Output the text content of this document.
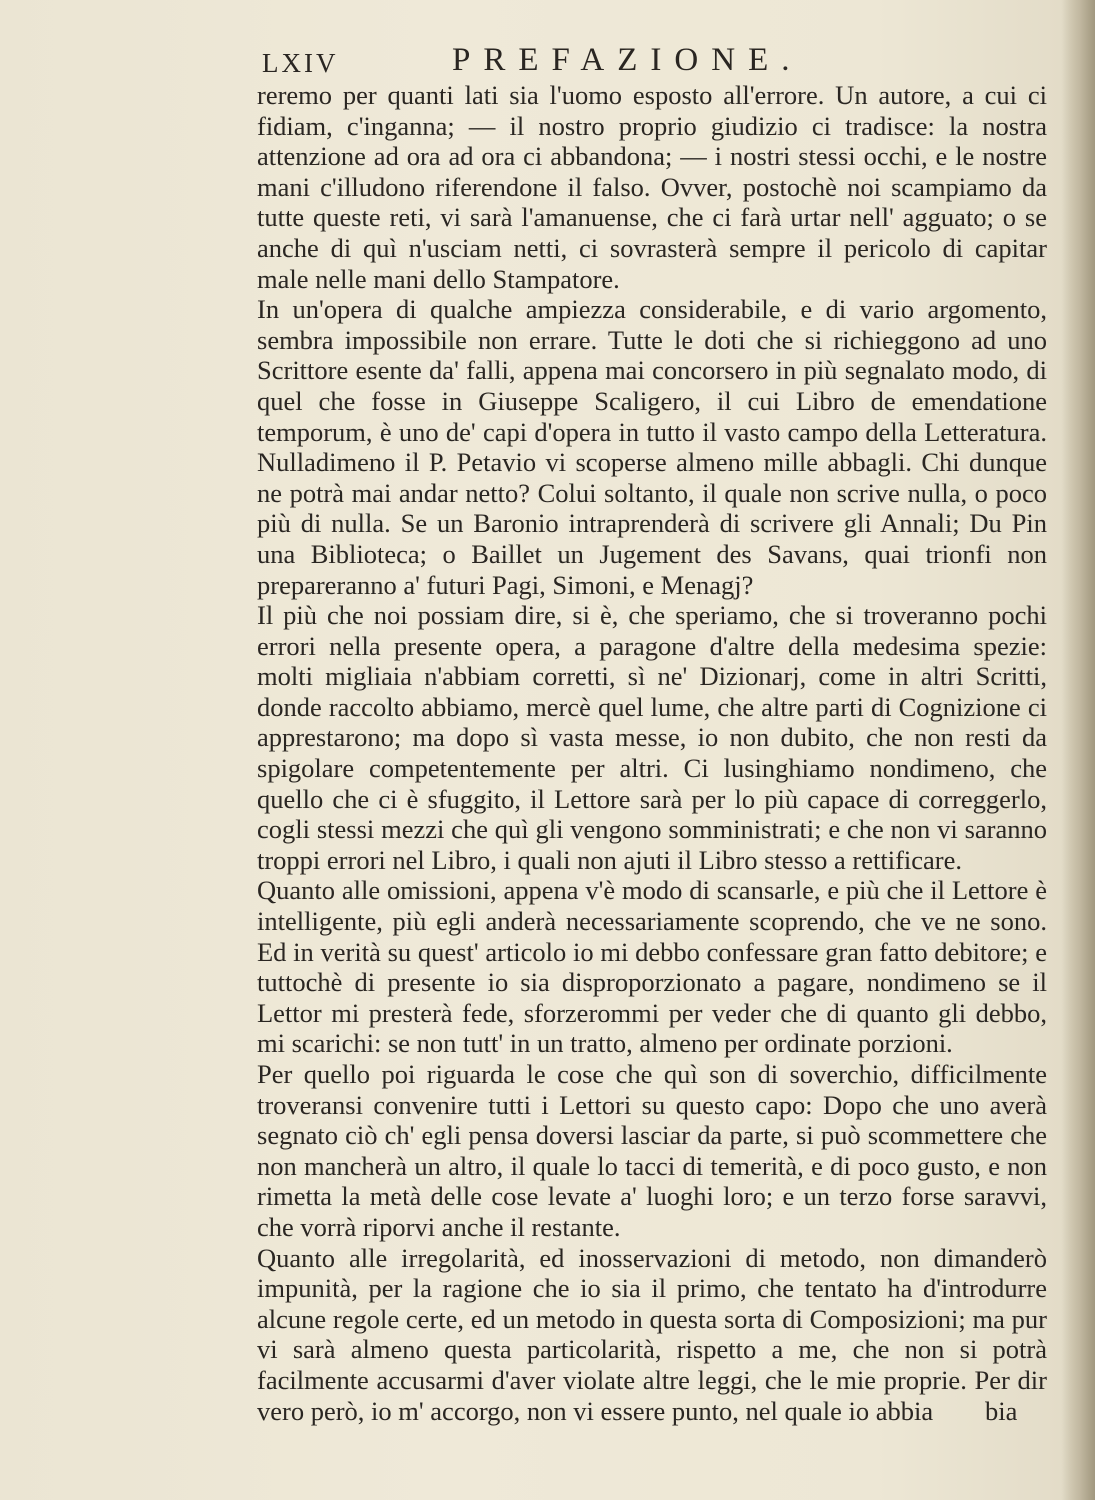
LXIV	PREFAZIONE.

reremo per quanti lati sia l'uomo esposto all'errore. Un autore, a cui ci fidiam, c'inganna; — il nostro proprio giudizio ci tradisce: la nostra attenzione ad ora ad ora ci abbandona; — i nostri stessi occhi, e le nostre mani c'illudono riferendone il falso. Ovver, postochè noi scampiamo da tutte queste reti, vi sarà l'amanuense, che ci farà urtar nell' agguato; o se anche di quì n'usciam netti, ci sovrasterà sempre il pericolo di capitar male nelle mani dello Stampatore.

In un'opera di qualche ampiezza considerabile, e di vario argomento, sembra impossibile non errare. Tutte le doti che si richieggono ad uno Scrittore esente da' falli, appena mai concorsero in più segnalato modo, di quel che fosse in Giuseppe Scaligero, il cui Libro de emendatione temporum, è uno de' capi d'opera in tutto il vasto campo della Letteratura. Nulladimeno il P. Petavio vi scoperse almeno mille abbagli. Chi dunque ne potrà mai andar netto? Colui soltanto, il quale non scrive nulla, o poco più di nulla. Se un Baronio intraprenderà di scrivere gli Annali; Du Pin una Biblioteca; o Baillet un Jugement des Savans, quai trionfi non prepareranno a' futuri Pagi, Simoni, e Menagj?

Il più che noi possiam dire, si è, che speriamo, che si troveranno pochi errori nella presente opera, a paragone d'altre della medesima spezie: molti migliaia n'abbiam corretti, sì ne' Dizionarj, come in altri Scritti, donde raccolto abbiamo, mercè quel lume, che altre parti di Cognizione ci apprestarono; ma dopo sì vasta messe, io non dubito, che non resti da spigolare competentemente per altri. Ci lusinghiamo nondimeno, che quello che ci è sfuggito, il Lettore sarà per lo più capace di correggerlo, cogli stessi mezzi che quì gli vengono somministrati; e che non vi saranno troppi errori nel Libro, i quali non ajuti il Libro stesso a rettificare.

Quanto alle omissioni, appena v'è modo di scansarle, e più che il Lettore è intelligente, più egli anderà necessariamente scoprendo, che ve ne sono. Ed in verità su quest' articolo io mi debbo confessare gran fatto debitore; e tuttochè di presente io sia disproporzionato a pagare, nondimeno se il Lettor mi presterà fede, sforzerommi per veder che di quanto gli debbo, mi scarichi: se non tutt' in un tratto, almeno per ordinate porzioni.

Per quello poi riguarda le cose che quì son di soverchio, difficilmente troveransi convenire tutti i Lettori su questo capo: Dopo che uno averà segnato ciò ch' egli pensa doversi lasciar da parte, si può scommettere che non mancherà un altro, il quale lo tacci di temerità, e di poco gusto, e non rimetta la metà delle cose levate a' luoghi loro; e un terzo forse saravvi, che vorrà riporvi anche il restante.

Quanto alle irregolarità, ed inosservazioni di metodo, non dimanderò impunità, per la ragione che io sia il primo, che tentato ha d'introdurre alcune regole certe, ed un metodo in questa sorta di Composizioni; ma pur vi sarà almeno questa particolarità, rispetto a me, che non si potrà facilmente accusarmi d'aver violate altre leggi, che le mie proprie. Per dir vero però, io m' accorgo, non vi essere punto, nel quale io abbia	bia
